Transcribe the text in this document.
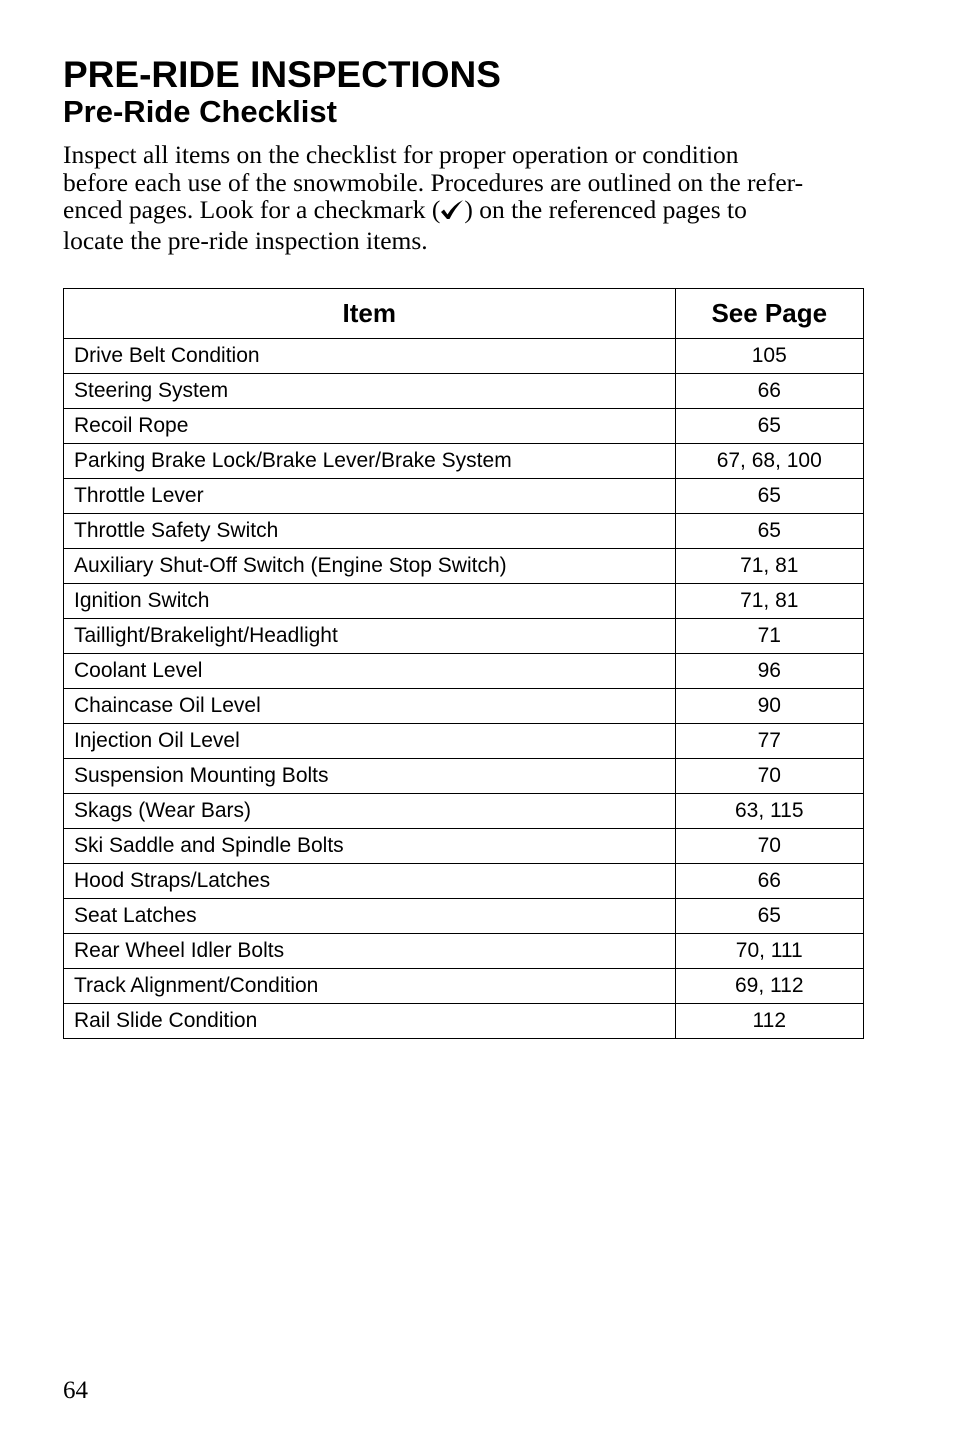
PRE-RIDE INSPECTIONS
Pre-Ride Checklist

Inspect all items on the checklist for proper operation or condition
before each use of the snowmobile. Procedures are outlined on the refer-
enced pages. Look for a checkmark ( ) on the referenced pages to
locate the pre-ride inspection items.

Item	See Page
Drive Belt Condition	105
Steering System	66
Recoil Rope	65
Parking Brake Lock/Brake Lever/Brake System	67, 68, 100
Throttle Lever	65
Throttle Safety Switch	65
Auxiliary Shut-Off Switch (Engine Stop Switch)	71, 81
Ignition Switch	71, 81
Taillight/Brakelight/Headlight	71
Coolant Level	96
Chaincase Oil Level	90
Injection Oil Level	77
Suspension Mounting Bolts	70
Skags (Wear Bars)	63, 115
Ski Saddle and Spindle Bolts	70
Hood Straps/Latches	66
Seat Latches	65
Rear Wheel Idler Bolts	70, 111
Track Alignment/Condition	69, 112
Rail Slide Condition	112

64
